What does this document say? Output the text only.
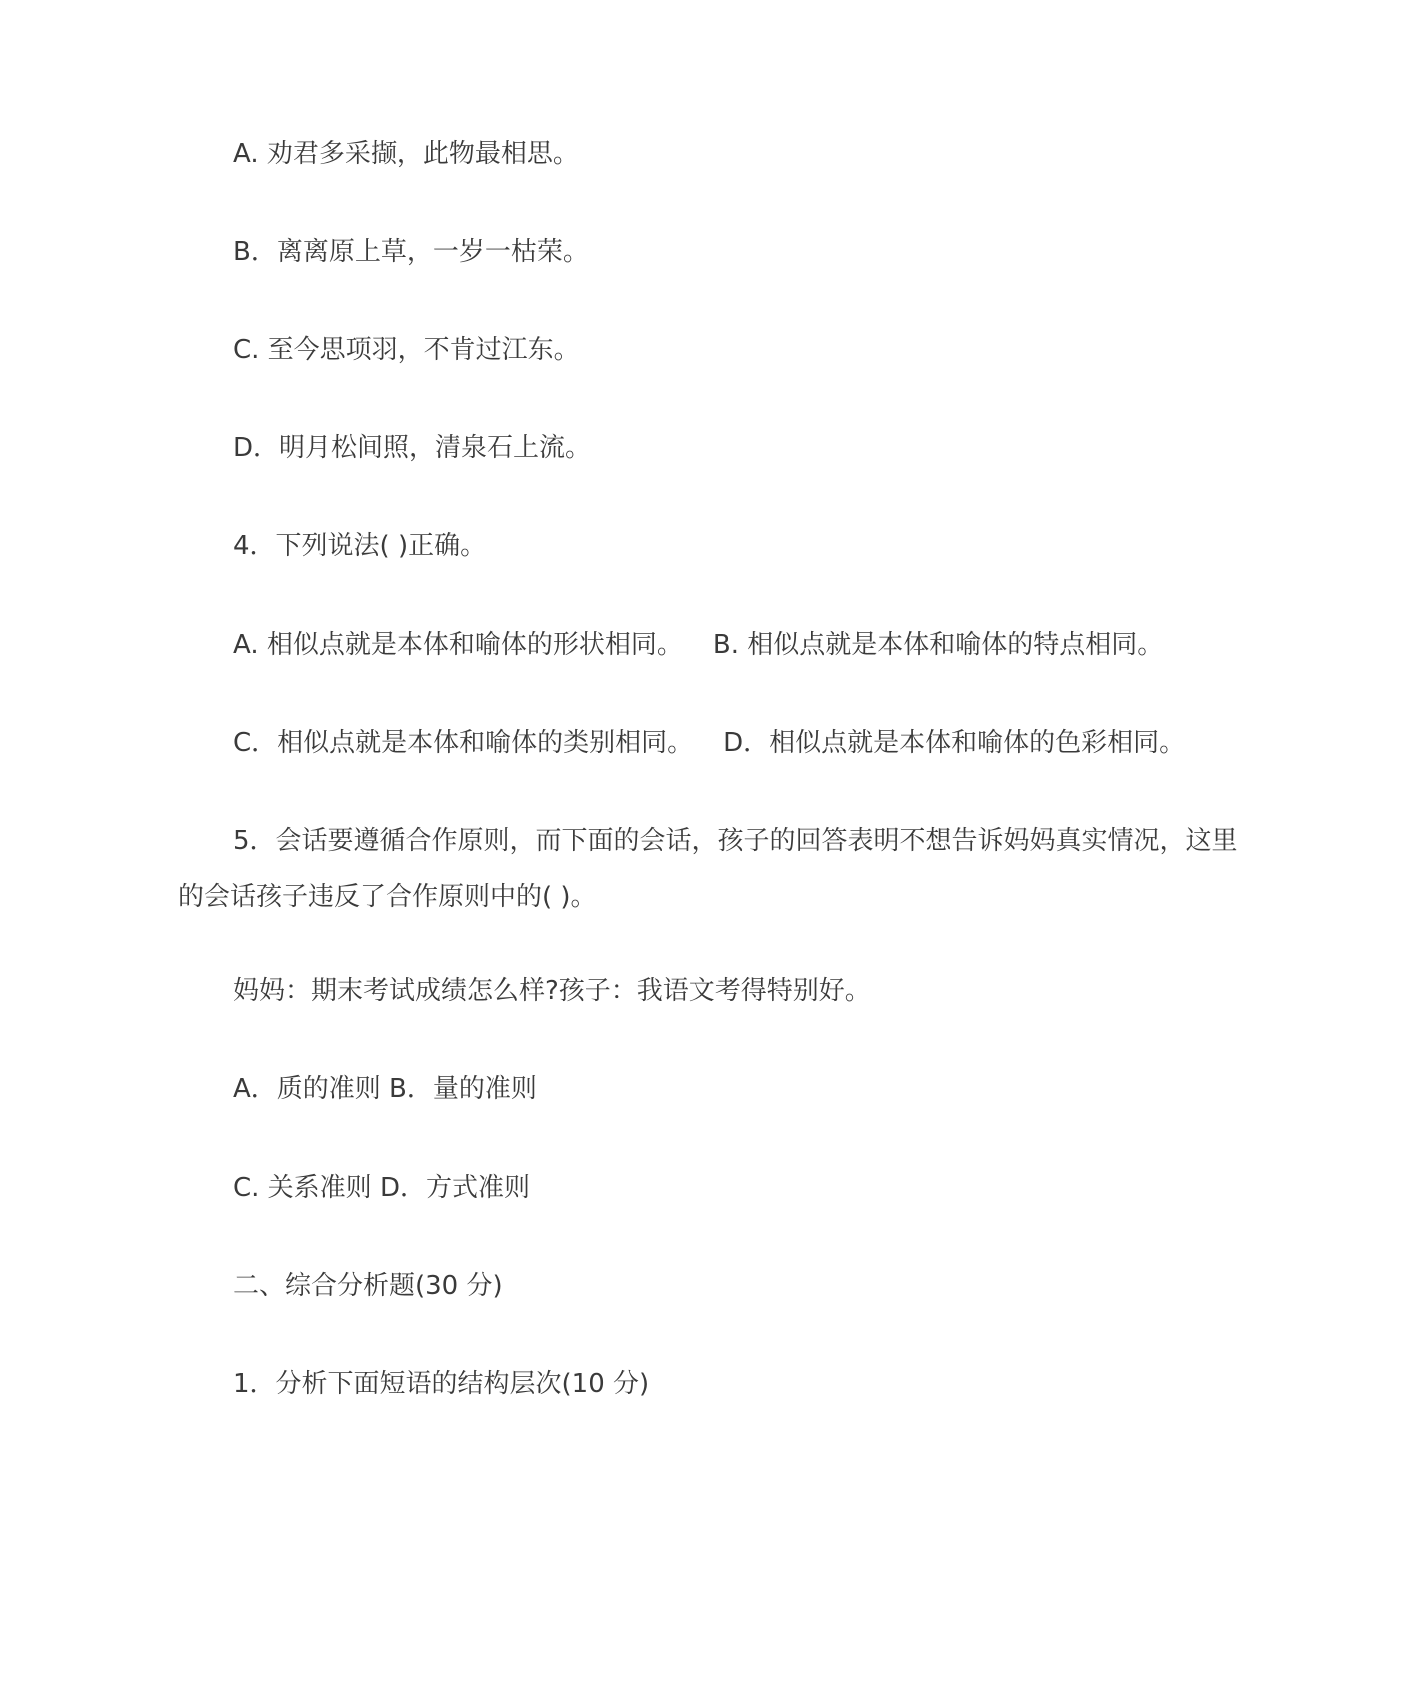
A. 劝君多采撷，此物最相思。
B．离离原上草，一岁一枯荣。
C. 至今思项羽，不肯过江东。
D．明月松间照，清泉石上流。
4．下列说法( )正确。
A. 相似点就是本体和喻体的形状相同。 B. 相似点就是本体和喻体的特点相同。
C．相似点就是本体和喻体的类别相同。 D．相似点就是本体和喻体的色彩相同。
5．会话要遵循合作原则，而下面的会话，孩子的回答表明不想告诉妈妈真实情况，这里的会话孩子违反了合作原则中的( )。
妈妈：期末考试成绩怎么样?孩子：我语文考得特别好。
A．质的准则 B．量的准则
C. 关系准则 D．方式准则
二、综合分析题(30 分)
1．分析下面短语的结构层次(10 分)
